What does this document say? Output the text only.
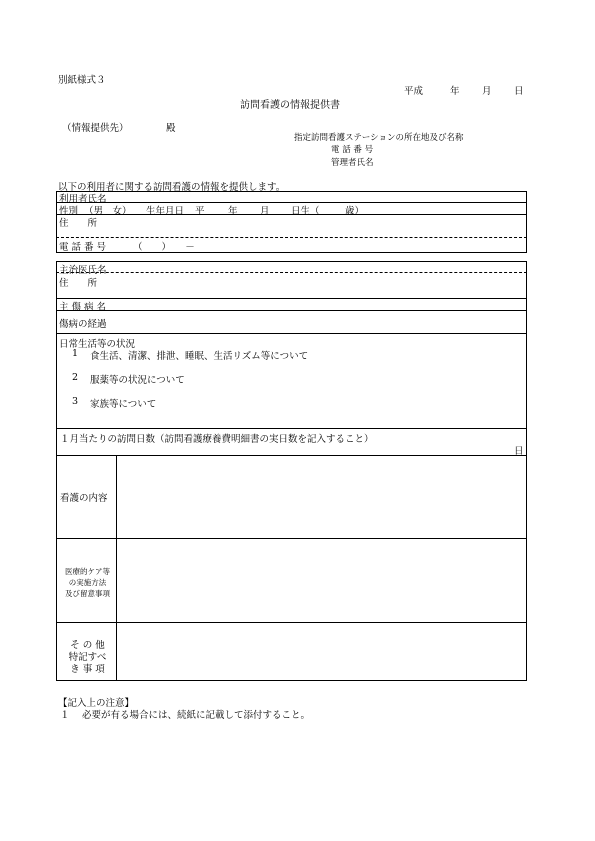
別紙様式３
平成	年 月 日
訪問看護の情報提供書
（情報提供先）	殿
指定訪問看護ステーションの所在地及び名称
電 話 番 号
管理者氏名
以下の利用者に関する訪問看護の情報を提供します。
利用者氏名
性別 （男　女） 生年月日 平 年 月 日生（	歳）
住　　所
電 話 番 号	（　　）　　－
主治医氏名
住　　所
主 傷 病 名
傷病の経過
日常生活等の状況
1 食生活、清潔、排泄、睡眠、生活リズム等について
2 服薬等の状況について
3 家族等について
１月当たりの訪問日数（訪問看護療養費明細書の実日数を記入すること）
日
看護の内容
医療的ケア等
の実施方法
及び留意事項
そ の 他
特記すべ
き 事 項
【記入上の注意】
１ 必要が有る場合には、続紙に記載して添付すること。
